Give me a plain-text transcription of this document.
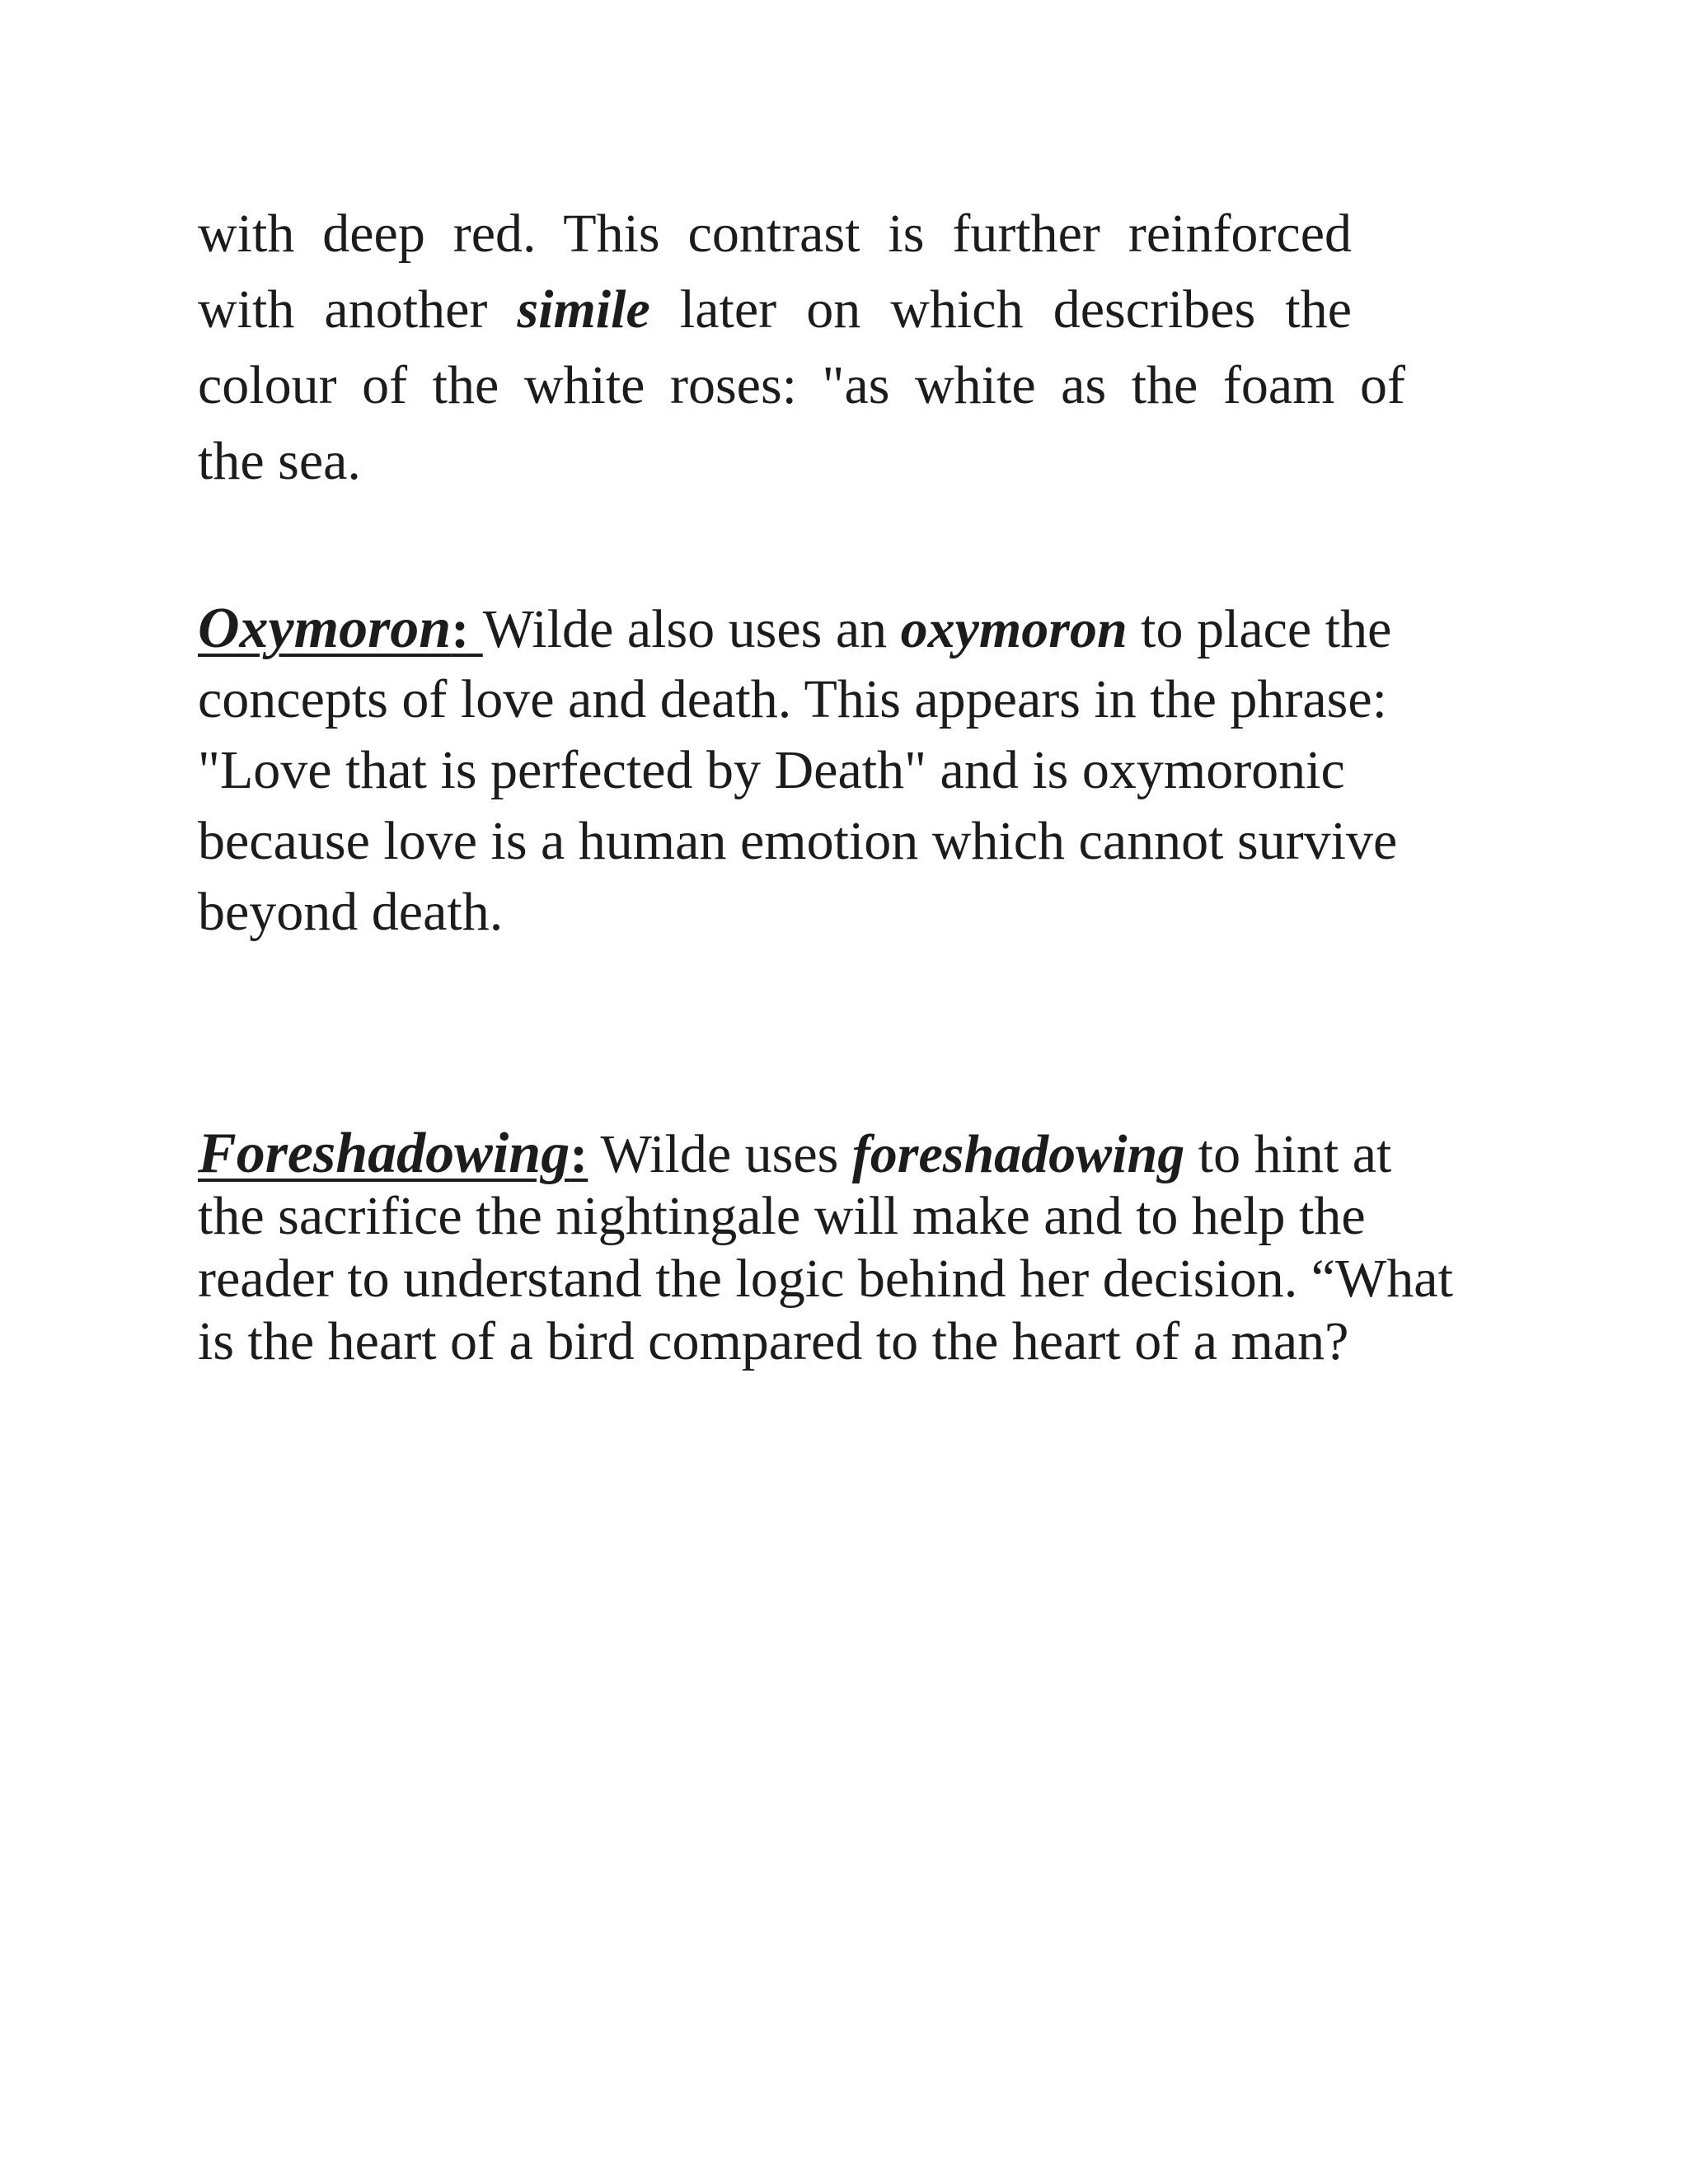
with deep red. This contrast is further reinforced
with another simile later on which describes the
colour of the white roses: "as white as the foam of
the sea.
Oxymoron: Wilde also uses an oxymoron to place the
concepts of love and death. This appears in the phrase:
"Love that is perfected by Death" and is oxymoronic
because love is a human emotion which cannot survive
beyond death.
Foreshadowing: Wilde uses foreshadowing to hint at
the sacrifice the nightingale will make and to help the
reader to understand the logic behind her decision. “What
is the heart of a bird compared to the heart of a man?
